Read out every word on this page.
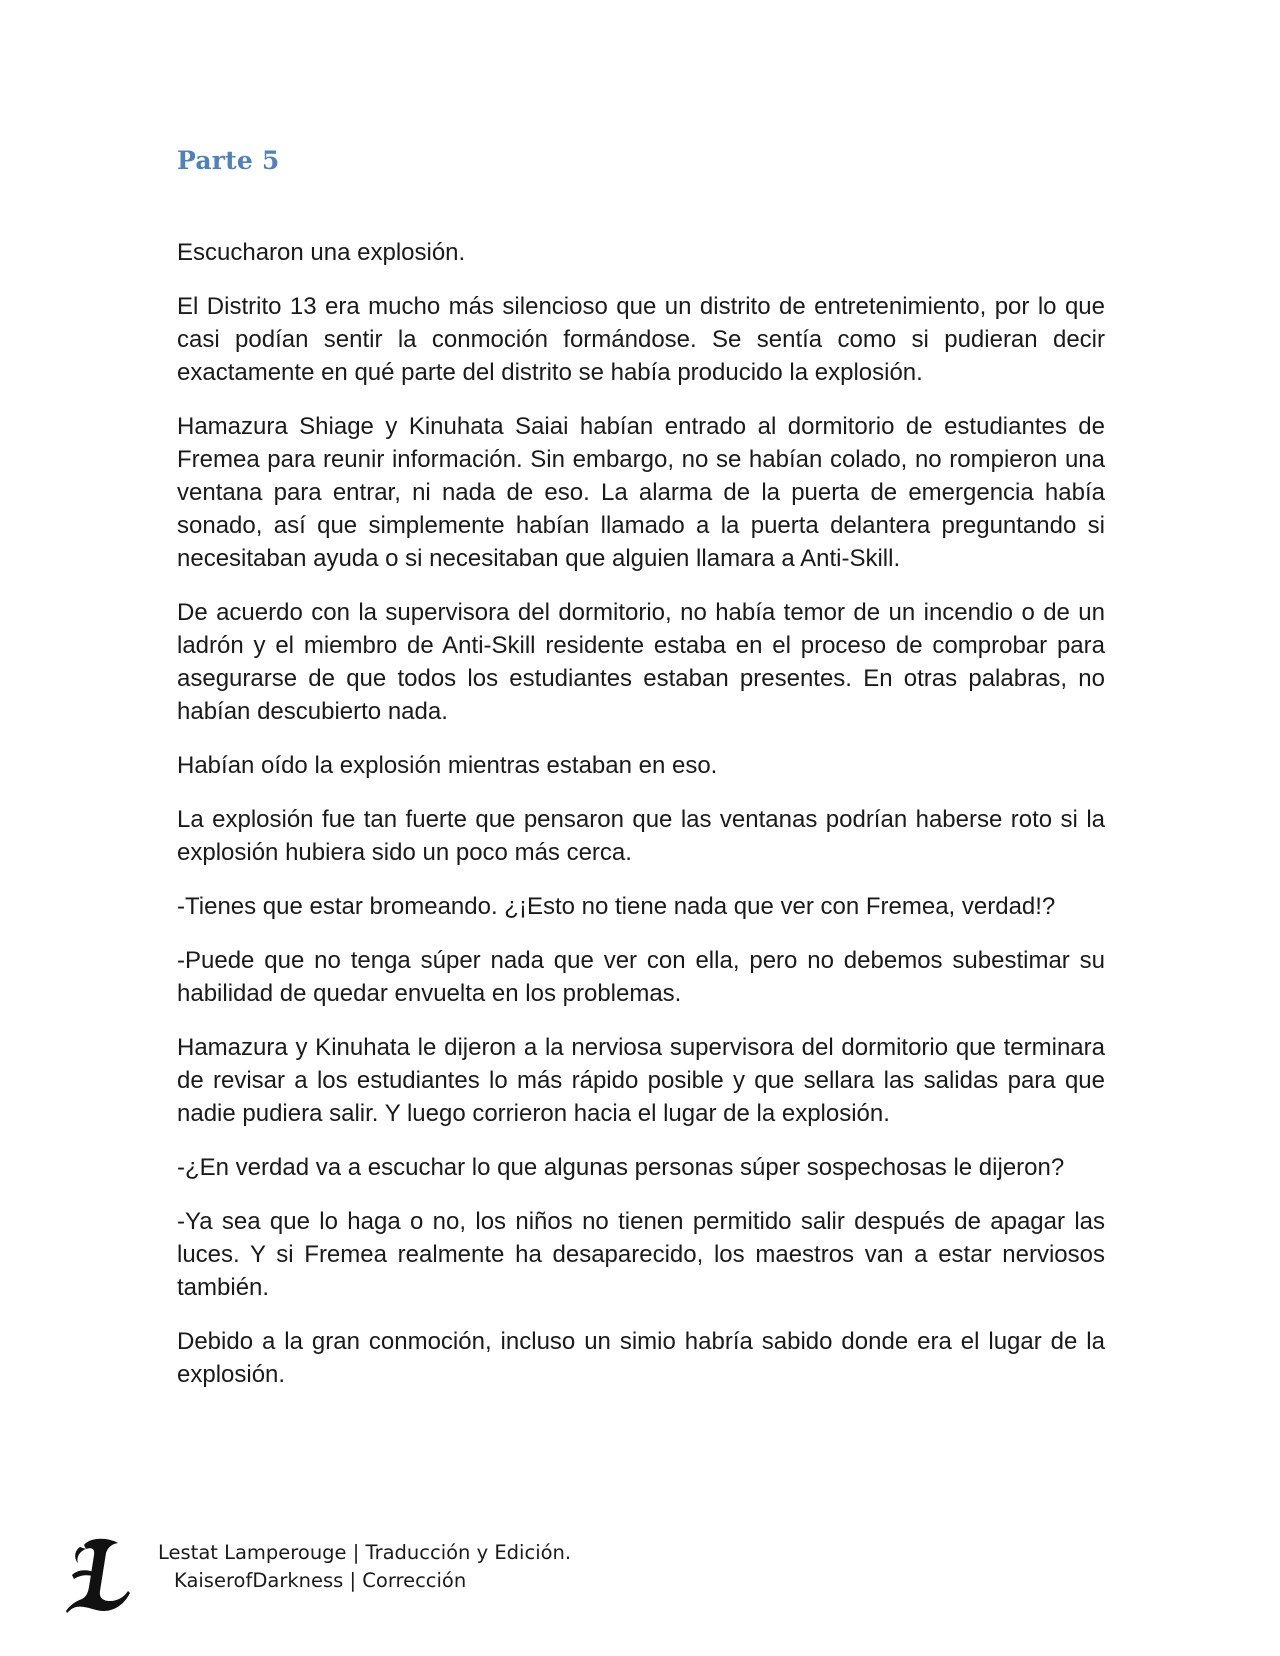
Parte 5

Escucharon una explosión.

El Distrito 13 era mucho más silencioso que un distrito de entretenimiento, por lo que casi podían sentir la conmoción formándose. Se sentía como si pudieran decir exactamente en qué parte del distrito se había producido la explosión.

Hamazura Shiage y Kinuhata Saiai habían entrado al dormitorio de estudiantes de Fremea para reunir información. Sin embargo, no se habían colado, no rompieron una ventana para entrar, ni nada de eso. La alarma de la puerta de emergencia había sonado, así que simplemente habían llamado a la puerta delantera preguntando si necesitaban ayuda o si necesitaban que alguien llamara a Anti-Skill.

De acuerdo con la supervisora del dormitorio, no había temor de un incendio o de un ladrón y el miembro de Anti-Skill residente estaba en el proceso de comprobar para asegurarse de que todos los estudiantes estaban presentes. En otras palabras, no habían descubierto nada.

Habían oído la explosión mientras estaban en eso.

La explosión fue tan fuerte que pensaron que las ventanas podrían haberse roto si la explosión hubiera sido un poco más cerca.

-Tienes que estar bromeando. ¿¡Esto no tiene nada que ver con Fremea, verdad!?

-Puede que no tenga súper nada que ver con ella, pero no debemos subestimar su habilidad de quedar envuelta en los problemas.

Hamazura y Kinuhata le dijeron a la nerviosa supervisora del dormitorio que terminara de revisar a los estudiantes lo más rápido posible y que sellara las salidas para que nadie pudiera salir. Y luego corrieron hacia el lugar de la explosión.

-¿En verdad va a escuchar lo que algunas personas súper sospechosas le dijeron?

-Ya sea que lo haga o no, los niños no tienen permitido salir después de apagar las luces. Y si Fremea realmente ha desaparecido, los maestros van a estar nerviosos también.

Debido a la gran conmoción, incluso un simio habría sabido donde era el lugar de la explosión.

Lestat Lamperouge | Traducción y Edición.
KaiserofDarkness | Corrección
